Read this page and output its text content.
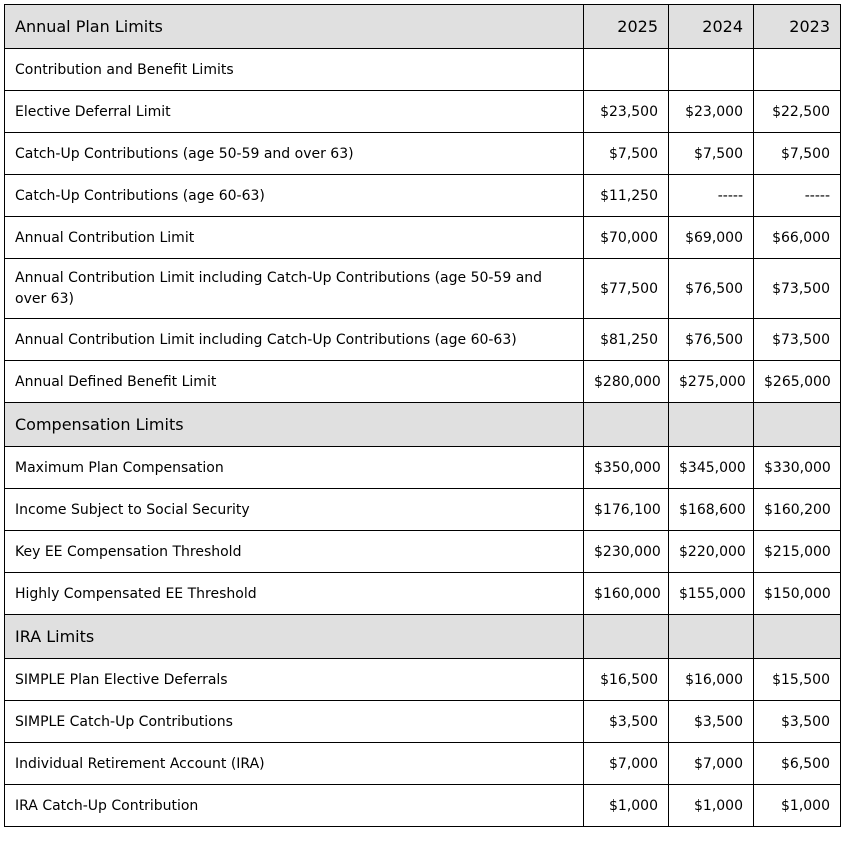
Annual Plan Limits	2025	2024	2023
Contribution and Benefit Limits			
Elective Deferral Limit	$23,500	$23,000	$22,500
Catch-Up Contributions (age 50-59 and over 63)	$7,500	$7,500	$7,500
Catch-Up Contributions (age 60-63)	$11,250	-----	-----
Annual Contribution Limit	$70,000	$69,000	$66,000
Annual Contribution Limit including Catch-Up Contributions (age 50-59 and over 63)	$77,500	$76,500	$73,500
Annual Contribution Limit including Catch-Up Contributions (age 60-63)	$81,250	$76,500	$73,500
Annual Defined Benefit Limit	$280,000	$275,000	$265,000
Compensation Limits			
Maximum Plan Compensation	$350,000	$345,000	$330,000
Income Subject to Social Security	$176,100	$168,600	$160,200
Key EE Compensation Threshold	$230,000	$220,000	$215,000
Highly Compensated EE Threshold	$160,000	$155,000	$150,000
IRA Limits			
SIMPLE Plan Elective Deferrals	$16,500	$16,000	$15,500
SIMPLE Catch-Up Contributions	$3,500	$3,500	$3,500
Individual Retirement Account (IRA)	$7,000	$7,000	$6,500
IRA Catch-Up Contribution	$1,000	$1,000	$1,000
